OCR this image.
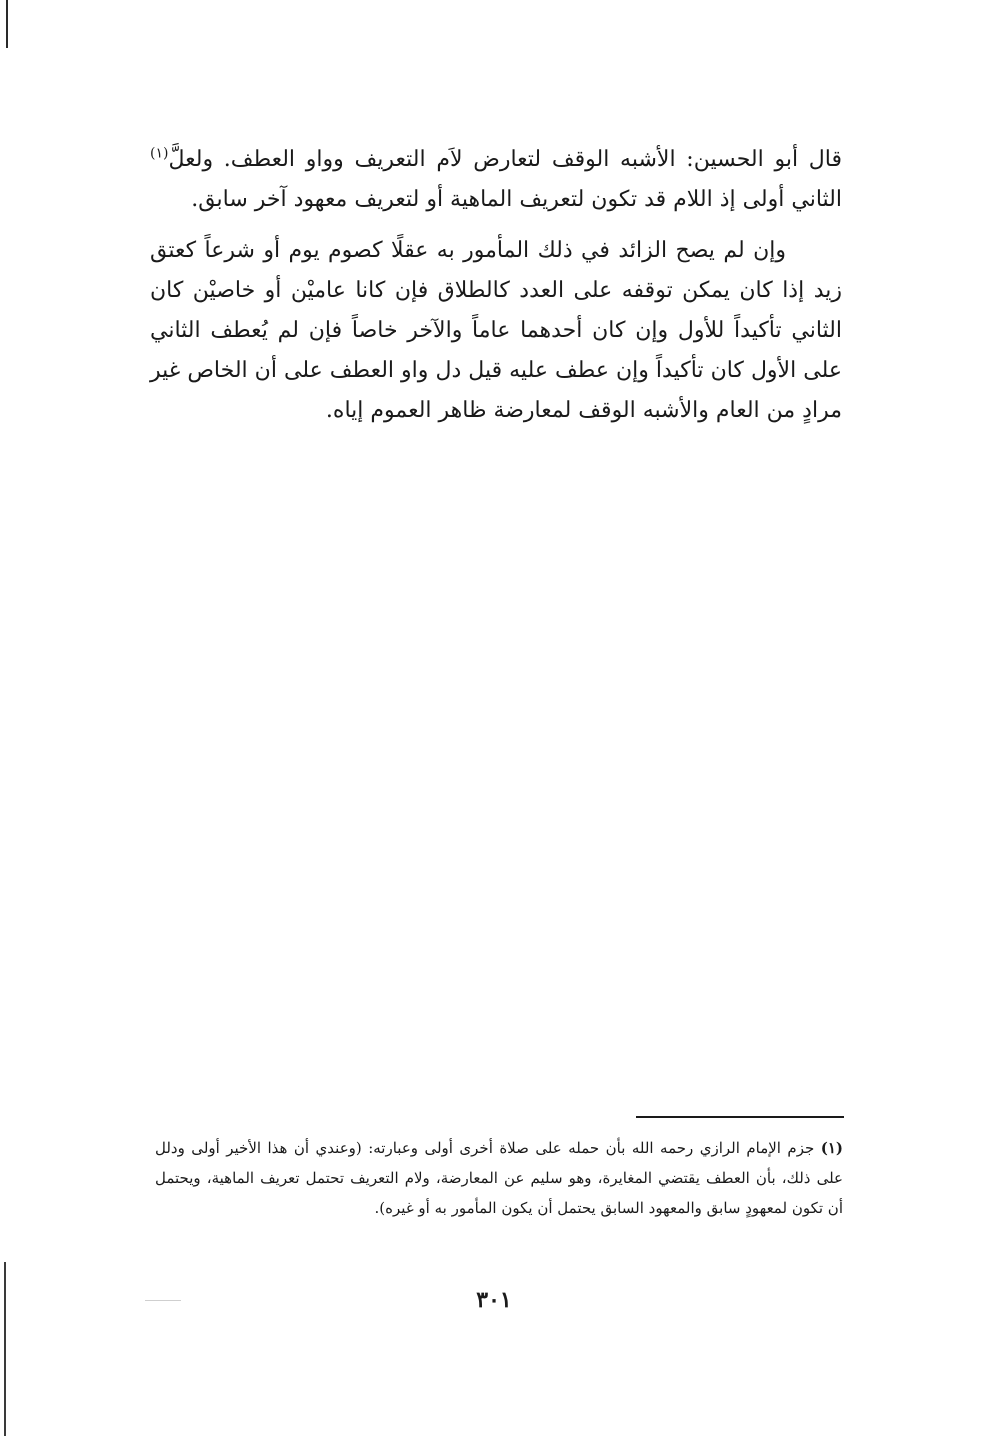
قال أبو الحسين: الأشبه الوقف لتعارض لاَم التعريف وواو العطف. ولعلَّ$^{(١)}$ الثاني أولى إذ اللام قد تكون لتعريف الماهية أو لتعريف معهود آخر سابق.

وإن لم يصح الزائد في ذلك المأمور به عقلًا كصوم يوم أو شرعاً كعتق زيد إذا كان يمكن توقفه على العدد كالطلاق فإن كانا عاميْن أو خاصيْن كان الثاني تأكيداً للأول وإن كان أحدهما عاماً والآخر خاصاً فإن لم يُعطف الثاني على الأول كان تأكيداً وإن عطف عليه قيل دل واو العطف على أن الخاص غير مرادٍ من العام والأشبه الوقف لمعارضة ظاهر العموم إياه.

(١) جزم الإمام الرازي رحمه الله بأن حمله على صلاة أخرى أولى وعبارته: (وعندي أن هذا الأخير أولى ودلل على ذلك، بأن العطف يقتضي المغايرة، وهو سليم عن المعارضة، ولام التعريف تحتمل تعريف الماهية، ويحتمل أن تكون لمعهودٍ سابق والمعهود السابق يحتمل أن يكون المأمور به أو غيره).
٣٠١
